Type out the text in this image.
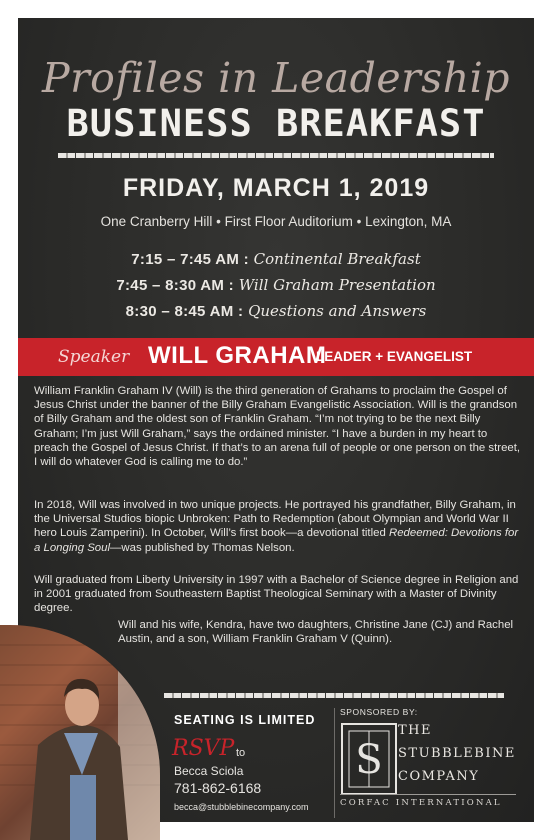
Profiles in Leadership
BUSINESS BREAKFAST
FRIDAY, MARCH 1, 2019
One Cranberry Hill • First Floor Auditorium • Lexington, MA
7:15 – 7:45 AM : Continental Breakfast
7:45 – 8:30 AM : Will Graham Presentation
8:30 – 8:45 AM : Questions and Answers
Speaker WILL GRAHAM
LEADER + EVANGELIST

William Franklin Graham IV (Will) is the third generation of Grahams to proclaim the Gospel of Jesus Christ under the banner of the Billy Graham Evangelistic Association. Will is the grandson of Billy Graham and the oldest son of Franklin Graham. “I’m not trying to be the next Billy Graham; I’m just Will Graham,” says the ordained minister. “I have a burden in my heart to preach the Gospel of Jesus Christ. If that’s to an arena full of people or one person on the street, I will do whatever God is calling me to do.”

In 2018, Will was involved in two unique projects. He portrayed his grandfather, Billy Graham, in the Universal Studios biopic Unbroken: Path to Redemption (about Olympian and World War II hero Louis Zamperini). In October, Will’s first book—a devotional titled Redeemed: Devotions for a Longing Soul—was published by Thomas Nelson.

Will graduated from Liberty University in 1997 with a Bachelor of Science degree in Religion and in 2001 graduated from Southeastern Baptist Theological Seminary with a Master of Divinity degree.

Will and his wife, Kendra, have two daughters, Christine Jane (CJ) and Rachel Austin, and a son, William Franklin Graham V (Quinn).

SEATING IS LIMITED
RSVP to
Becca Sciola
781-862-6168
becca@stubblebinecompany.com
SPONSORED BY:
S
THE
STUBBLEBINE
COMPANY
CORFAC INTERNATIONAL
